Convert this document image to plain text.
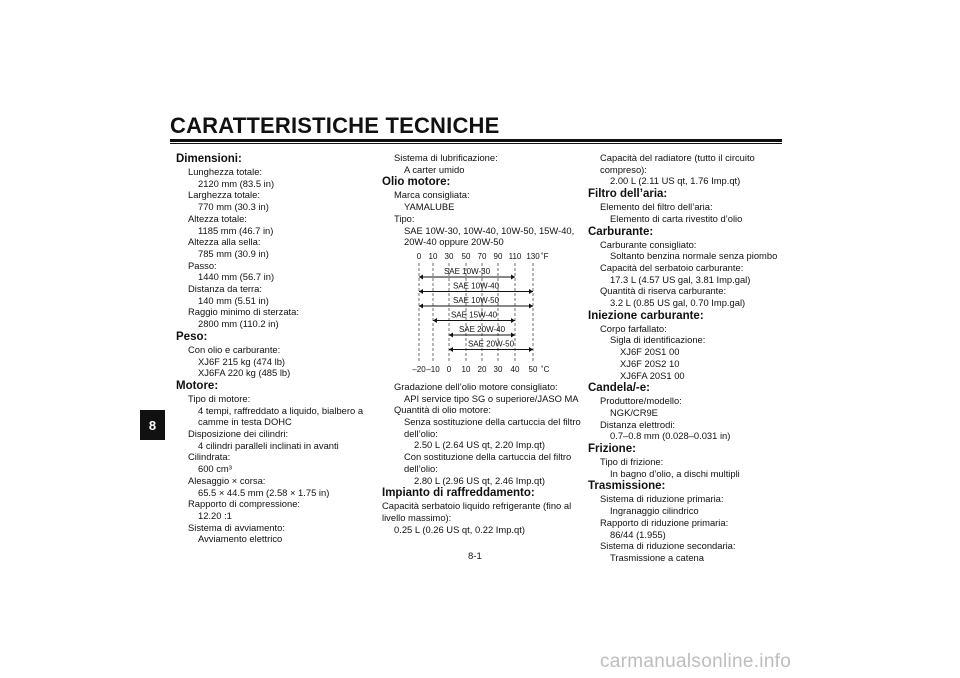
CARATTERISTICHE TECNICHE
8
Dimensioni:
Lunghezza totale:
2120 mm (83.5 in)
Larghezza totale:
770 mm (30.3 in)
Altezza totale:
1185 mm (46.7 in)
Altezza alla sella:
785 mm (30.9 in)
Passo:
1440 mm (56.7 in)
Distanza da terra:
140 mm (5.51 in)
Raggio minimo di sterzata:
2800 mm (110.2 in)
Peso:
Con olio e carburante:
XJ6F 215 kg (474 lb)
XJ6FA 220 kg (485 lb)
Motore:
Tipo di motore:
4 tempi, raffreddato a liquido, bialbero a
camme in testa DOHC
Disposizione dei cilindri:
4 cilindri paralleli inclinati in avanti
Cilindrata:
600 cm³
Alesaggio × corsa:
65.5 × 44.5 mm (2.58 × 1.75 in)
Rapporto di compressione:
12.20 :1
Sistema di avviamento:
Avviamento elettrico
Sistema di lubrificazione:
A carter umido
Olio motore:
Marca consigliata:
YAMALUBE
Tipo:
SAE 10W-30, 10W-40, 10W-50, 15W-40,
20W-40 oppure 20W-50
0 10 30 50 70 90 110 130 ˚F
–20 –10 0 10 20 30 40 50 ˚C
SAE 10W-30
SAE 10W-40
SAE 10W-50
SAE 15W-40
SAE 20W-40
SAE 20W-50
Gradazione dell’olio motore consigliato:
API service tipo SG o superiore/JASO MA
Quantità di olio motore:
Senza sostituzione della cartuccia del filtro
dell’olio:
2.50 L (2.64 US qt, 2.20 Imp.qt)
Con sostituzione della cartuccia del filtro
dell’olio:
2.80 L (2.96 US qt, 2.46 Imp.qt)
Impianto di raffreddamento:
Capacità serbatoio liquido refrigerante (fino al
livello massimo):
0.25 L (0.26 US qt, 0.22 Imp.qt)
Capacità del radiatore (tutto il circuito
compreso):
2.00 L (2.11 US qt, 1.76 Imp.qt)
Filtro dell’aria:
Elemento del filtro dell’aria:
Elemento di carta rivestito d’olio
Carburante:
Carburante consigliato:
Soltanto benzina normale senza piombo
Capacità del serbatoio carburante:
17.3 L (4.57 US gal, 3.81 Imp.gal)
Quantità di riserva carburante:
3.2 L (0.85 US gal, 0.70 Imp.gal)
Iniezione carburante:
Corpo farfallato:
Sigla di identificazione:
XJ6F 20S1 00
XJ6F 20S2 10
XJ6FA 20S1 00
Candela/-e:
Produttore/modello:
NGK/CR9E
Distanza elettrodi:
0.7–0.8 mm (0.028–0.031 in)
Frizione:
Tipo di frizione:
In bagno d’olio, a dischi multipli
Trasmissione:
Sistema di riduzione primaria:
Ingranaggio cilindrico
Rapporto di riduzione primaria:
86/44 (1.955)
Sistema di riduzione secondaria:
Trasmissione a catena
8-1
carmanualsonline.info
